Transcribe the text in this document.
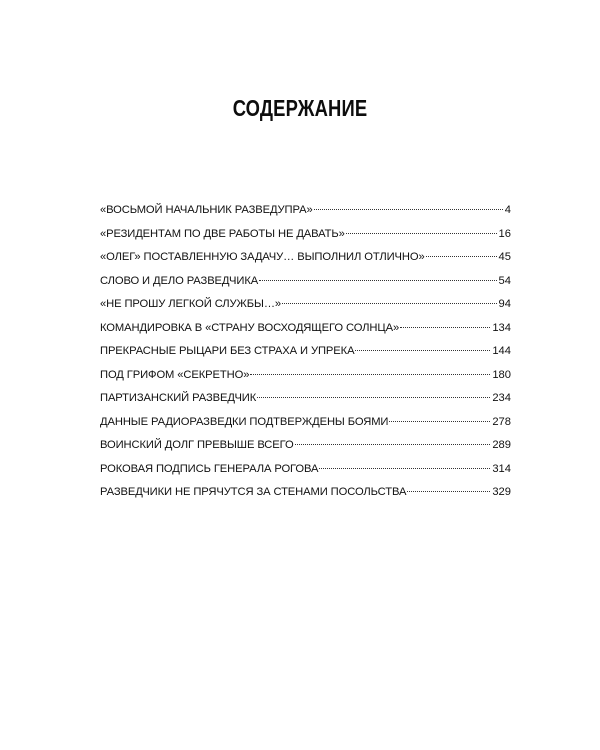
СОДЕРЖАНИЕ
«ВОСЬМОЙ НАЧАЛЬНИК РАЗВЕДУПРА»	4
«РЕЗИДЕНТАМ ПО ДВЕ РАБОТЫ НЕ ДАВАТЬ»	16
«ОЛЕГ» ПОСТАВЛЕННУЮ ЗАДАЧУ… ВЫПОЛНИЛ ОТЛИЧНО»	45
СЛОВО И ДЕЛО РАЗВЕДЧИКА	54
«НЕ ПРОШУ ЛЕГКОЙ СЛУЖБЫ…»	94
КОМАНДИРОВКА В «СТРАНУ ВОСХОДЯЩЕГО СОЛНЦА»	134
ПРЕКРАСНЫЕ РЫЦАРИ БЕЗ СТРАХА И УПРЕКА	144
ПОД ГРИФОМ «СЕКРЕТНО»	180
ПАРТИЗАНСКИЙ РАЗВЕДЧИК	234
ДАННЫЕ РАДИОРАЗВЕДКИ ПОДТВЕРЖДЕНЫ БОЯМИ	278
ВОИНСКИЙ ДОЛГ ПРЕВЫШЕ ВСЕГО	289
РОКОВАЯ ПОДПИСЬ ГЕНЕРАЛА РОГОВА	314
РАЗВЕДЧИКИ НЕ ПРЯЧУТСЯ ЗА СТЕНАМИ ПОСОЛЬСТВА	329
